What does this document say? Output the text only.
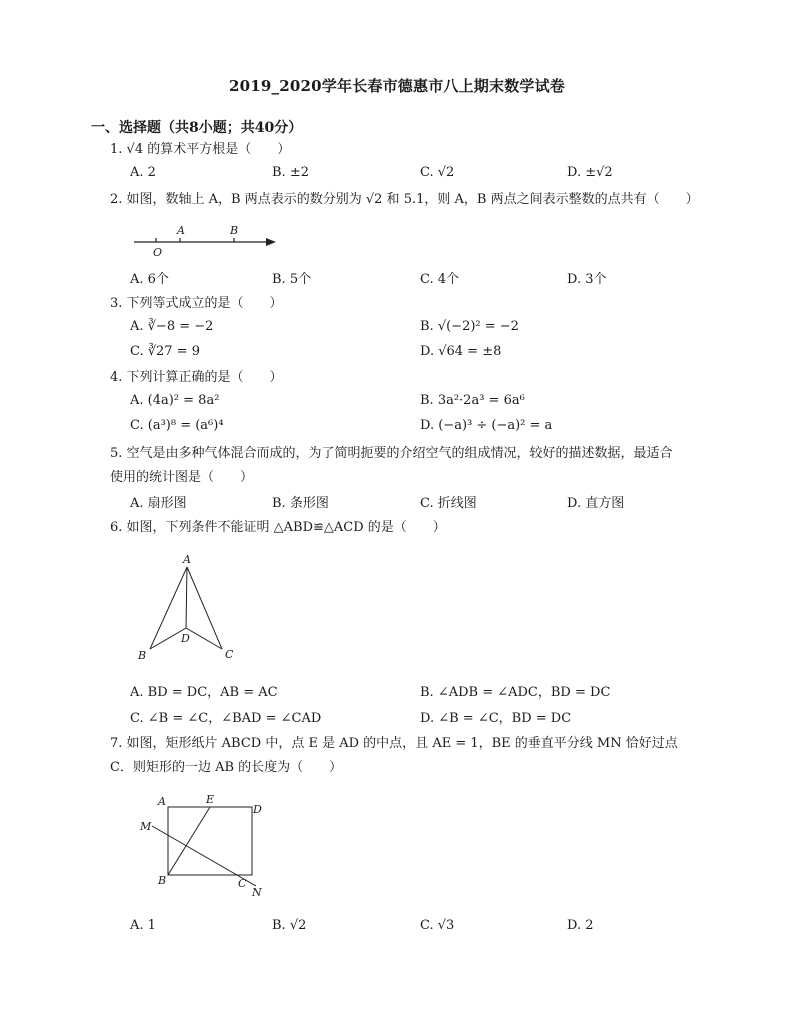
2019_2020学年长春市德惠市八上期末数学试卷
一、选择题（共8小题；共40分）
1. √4 的算术平方根是（　　）
A. 2	B. ±2	C. √2	D. ±√2
2. 如图，数轴上 A，B 两点表示的数分别为 √2 和 5.1，则 A，B 两点之间表示整数的点共有（　　）
O
A	B
A. 6个	B. 5个	C. 4个	D. 3个
3. 下列等式成立的是（　　）
A. ∛−8 = −2	B. √(−2)² = −2
C. ∛27 = 9	D. √64 = ±8
4. 下列计算正确的是（　　）
A. (4a)² = 8a²	B. 3a²·2a³ = 6a⁶
C. (a³)⁸ = (a⁶)⁴	D. (−a)³ ÷ (−a)² = a
5. 空气是由多种气体混合而成的，为了简明扼要的介绍空气的组成情况，较好的描述数据，最适合
使用的统计图是（　　）
A. 扇形图	B. 条形图	C. 折线图	D. 直方图
6. 如图，下列条件不能证明 △ABD≌△ACD 的是（　　）
A
B	C
D
A. BD = DC，AB = AC	B. ∠ADB = ∠ADC，BD = DC
C. ∠B = ∠C，∠BAD = ∠CAD	D. ∠B = ∠C，BD = DC
7. 如图，矩形纸片 ABCD 中，点 E 是 AD 的中点，且 AE = 1，BE 的垂直平分线 MN 恰好过点
C．则矩形的一边 AB 的长度为（　　）
A	E
D
M
B	C
N
A. 1	B. √2	C. √3	D. 2
